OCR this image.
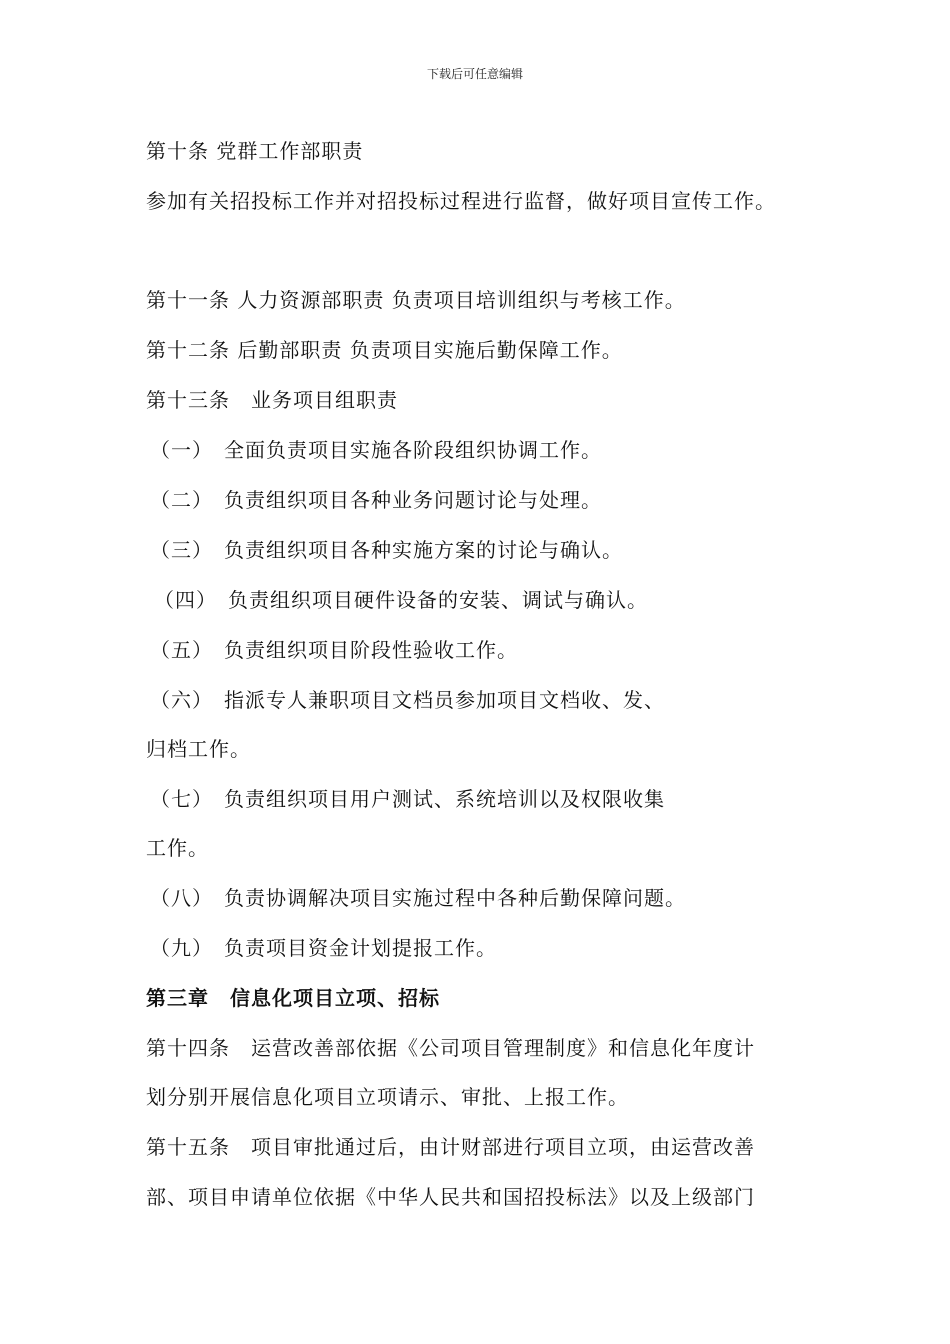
下载后可任意编辑
第十条 党群工作部职责
参加有关招投标工作并对招投标过程进行监督，做好项目宣传工作。
第十一条 人力资源部职责 负责项目培训组织与考核工作。
第十二条 后勤部职责 负责项目实施后勤保障工作。
第十三条　业务项目组职责
（一）　全面负责项目实施各阶段组织协调工作。
（二）　负责组织项目各种业务问题讨论与处理。
（三）　负责组织项目各种实施方案的讨论与确认。
（四）　负责组织项目硬件设备的安装、调试与确认。
（五）　负责组织项目阶段性验收工作。
（六）　指派专人兼职项目文档员参加项目文档收、发、
归档工作。
（七）　负责组织项目用户测试、系统培训以及权限收集
工作。
（八）　负责协调解决项目实施过程中各种后勤保障问题。
（九）　负责项目资金计划提报工作。
第三章　信息化项目立项、招标
第十四条　运营改善部依据《公司项目管理制度》和信息化年度计
划分别开展信息化项目立项请示、审批、上报工作。
第十五条　项目审批通过后，由计财部进行项目立项，由运营改善
部、项目申请单位依据《中华人民共和国招投标法》以及上级部门
